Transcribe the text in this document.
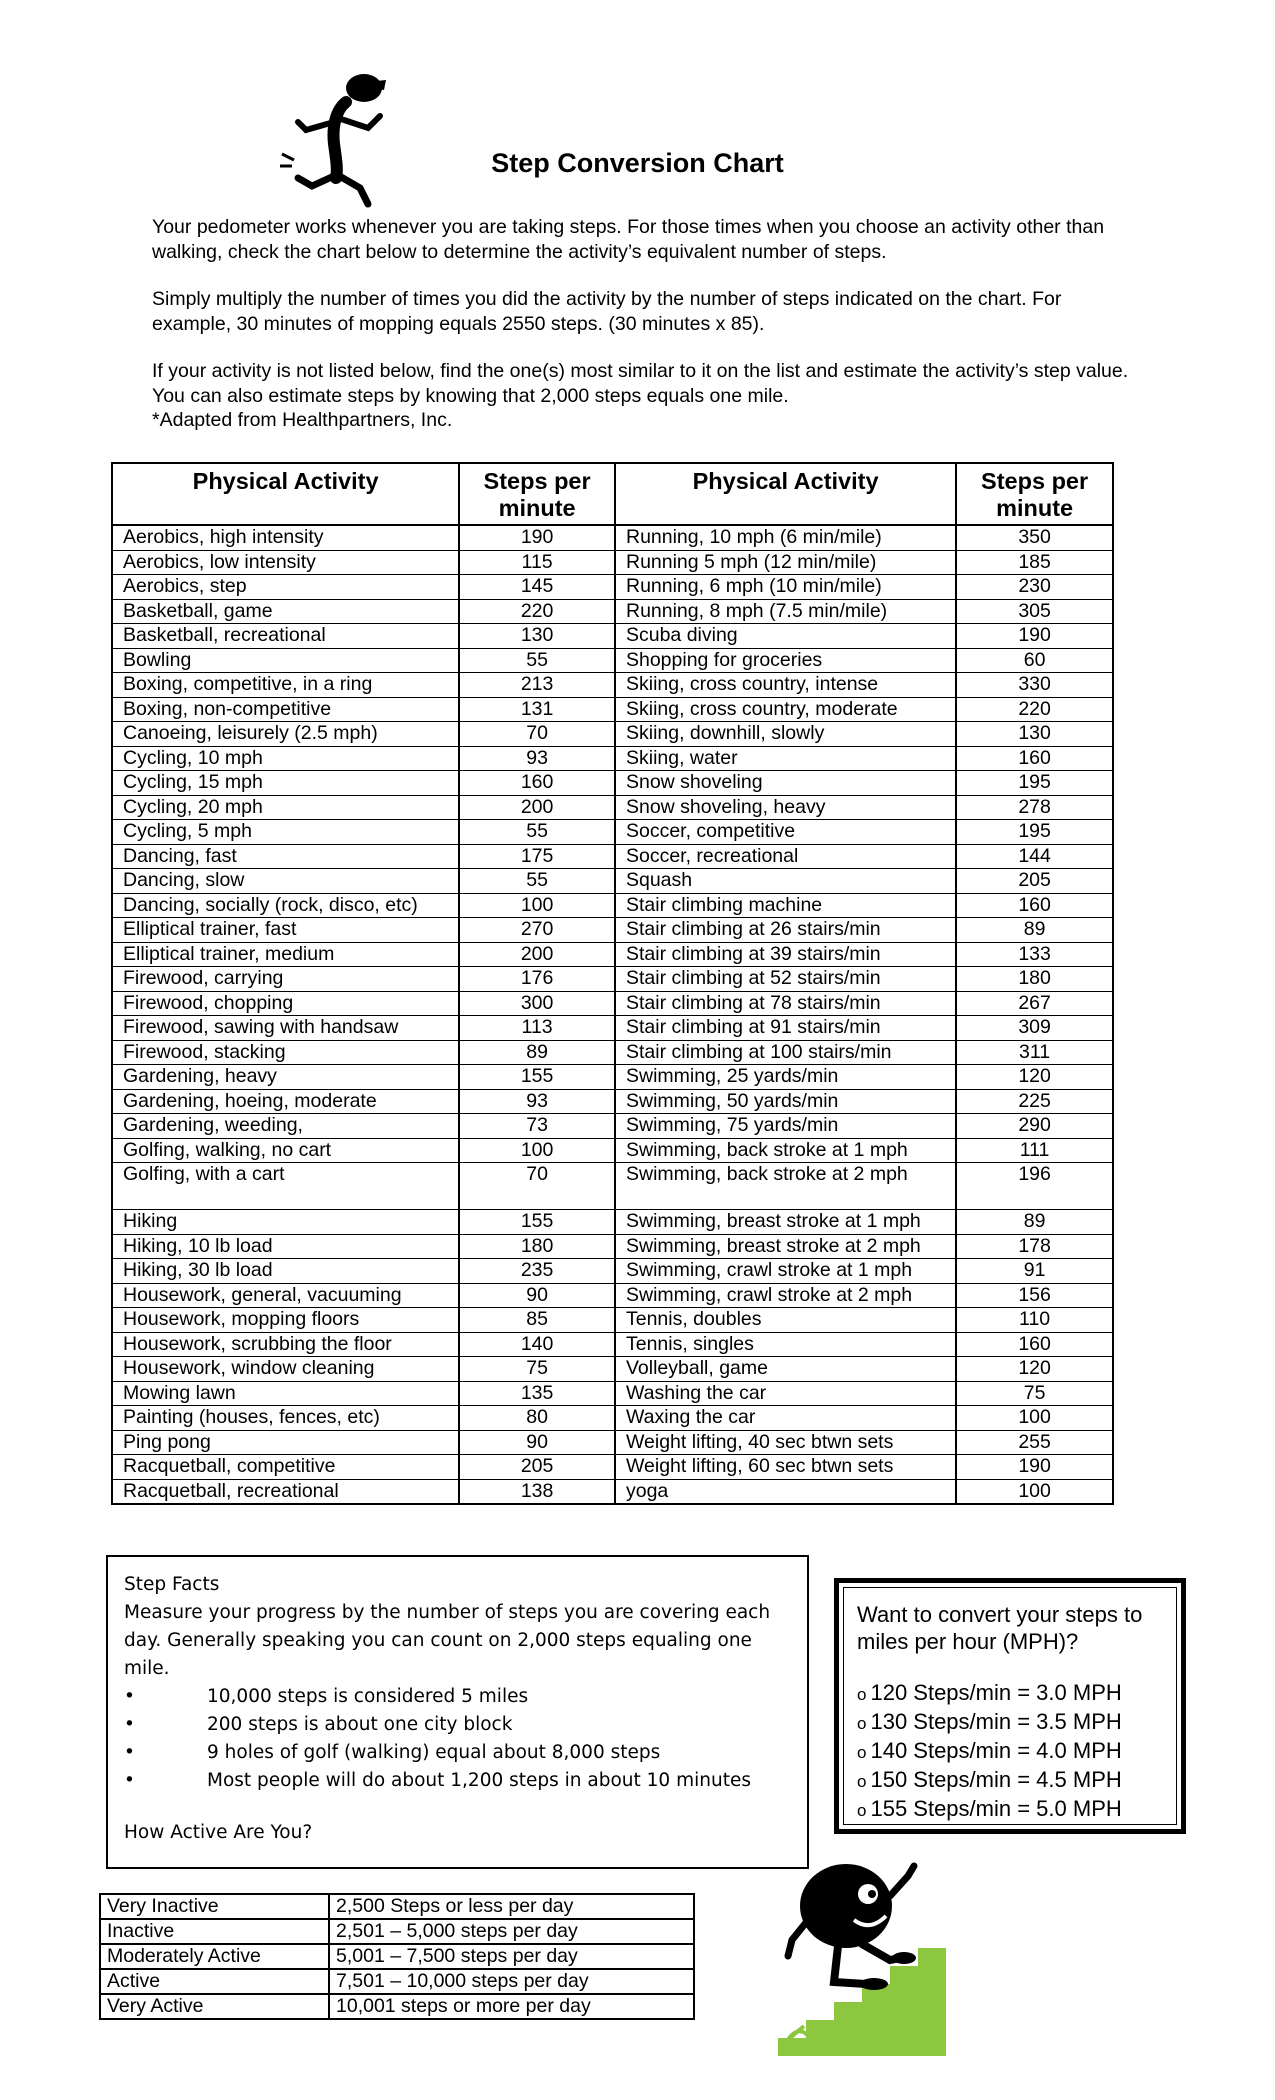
Step Conversion Chart

Your pedometer works whenever you are taking steps. For those times when you choose an activity other than walking, check the chart below to determine the activity’s equivalent number of steps.

Simply multiply the number of times you did the activity by the number of steps indicated on the chart. For example, 30 minutes of mopping equals 2550 steps. (30 minutes x 85).

If your activity is not listed below, find the one(s) most similar to it on the list and estimate the activity’s step value. You can also estimate steps by knowing that 2,000 steps equals one mile.

*Adapted from Healthpartners, Inc.

Physical Activity	Steps per minute	Physical Activity	Steps per minute
Aerobics, high intensity	190	Running, 10 mph (6 min/mile)	350
Aerobics, low intensity	115	Running 5 mph (12 min/mile)	185
Aerobics, step	145	Running, 6 mph (10 min/mile)	230
Basketball, game	220	Running, 8 mph (7.5 min/mile)	305
Basketball, recreational	130	Scuba diving	190
Bowling	55	Shopping for groceries	60
Boxing, competitive, in a ring	213	Skiing, cross country, intense	330
Boxing, non-competitive	131	Skiing, cross country, moderate	220
Canoeing, leisurely (2.5 mph)	70	Skiing, downhill, slowly	130
Cycling, 10 mph	93	Skiing, water	160
Cycling, 15 mph	160	Snow shoveling	195
Cycling, 20 mph	200	Snow shoveling, heavy	278
Cycling, 5 mph	55	Soccer, competitive	195
Dancing, fast	175	Soccer, recreational	144
Dancing, slow	55	Squash	205
Dancing, socially (rock, disco, etc)	100	Stair climbing machine	160
Elliptical trainer, fast	270	Stair climbing at 26 stairs/min	89
Elliptical trainer, medium	200	Stair climbing at 39 stairs/min	133
Firewood, carrying	176	Stair climbing at 52 stairs/min	180
Firewood, chopping	300	Stair climbing at 78 stairs/min	267
Firewood, sawing with handsaw	113	Stair climbing at 91 stairs/min	309
Firewood, stacking	89	Stair climbing at 100 stairs/min	311
Gardening, heavy	155	Swimming, 25 yards/min	120
Gardening, hoeing, moderate	93	Swimming, 50 yards/min	225
Gardening, weeding,	73	Swimming, 75 yards/min	290
Golfing, walking, no cart	100	Swimming, back stroke at 1 mph	111
Golfing, with a cart	70	Swimming, back stroke at 2 mph	196
Hiking	155	Swimming, breast stroke at 1 mph	89
Hiking, 10 lb load	180	Swimming, breast stroke at 2 mph	178
Hiking, 30 lb load	235	Swimming, crawl stroke at 1 mph	91
Housework, general, vacuuming	90	Swimming, crawl stroke at 2 mph	156
Housework, mopping floors	85	Tennis, doubles	110
Housework, scrubbing the floor	140	Tennis, singles	160
Housework, window cleaning	75	Volleyball, game	120
Mowing lawn	135	Washing the car	75
Painting (houses, fences, etc)	80	Waxing the car	100
Ping pong	90	Weight lifting, 40 sec btwn sets	255
Racquetball, competitive	205	Weight lifting, 60 sec btwn sets	190
Racquetball, recreational	138	yoga	100
Step Facts
Measure your progress by the number of steps you are covering each day. Generally speaking you can count on 2,000 steps equaling one mile.
•	10,000 steps is considered 5 miles
•	200 steps is about one city block
•	9 holes of golf (walking) equal about 8,000 steps
•	Most people will do about 1,200 steps in about 10 minutes
How Active Are You?
Want to convert your steps to miles per hour (MPH)?
o 120 Steps/min = 3.0 MPH
o 130 Steps/min = 3.5 MPH
o 140 Steps/min = 4.0 MPH
o 150 Steps/min = 4.5 MPH
o 155 Steps/min = 5.0 MPH
Very Inactive	2,500 Steps or less per day
Inactive	2,501 – 5,000 steps per day
Moderately Active	5,001 – 7,500 steps per day
Active	7,501 – 10,000 steps per day
Very Active	10,001 steps or more per day
